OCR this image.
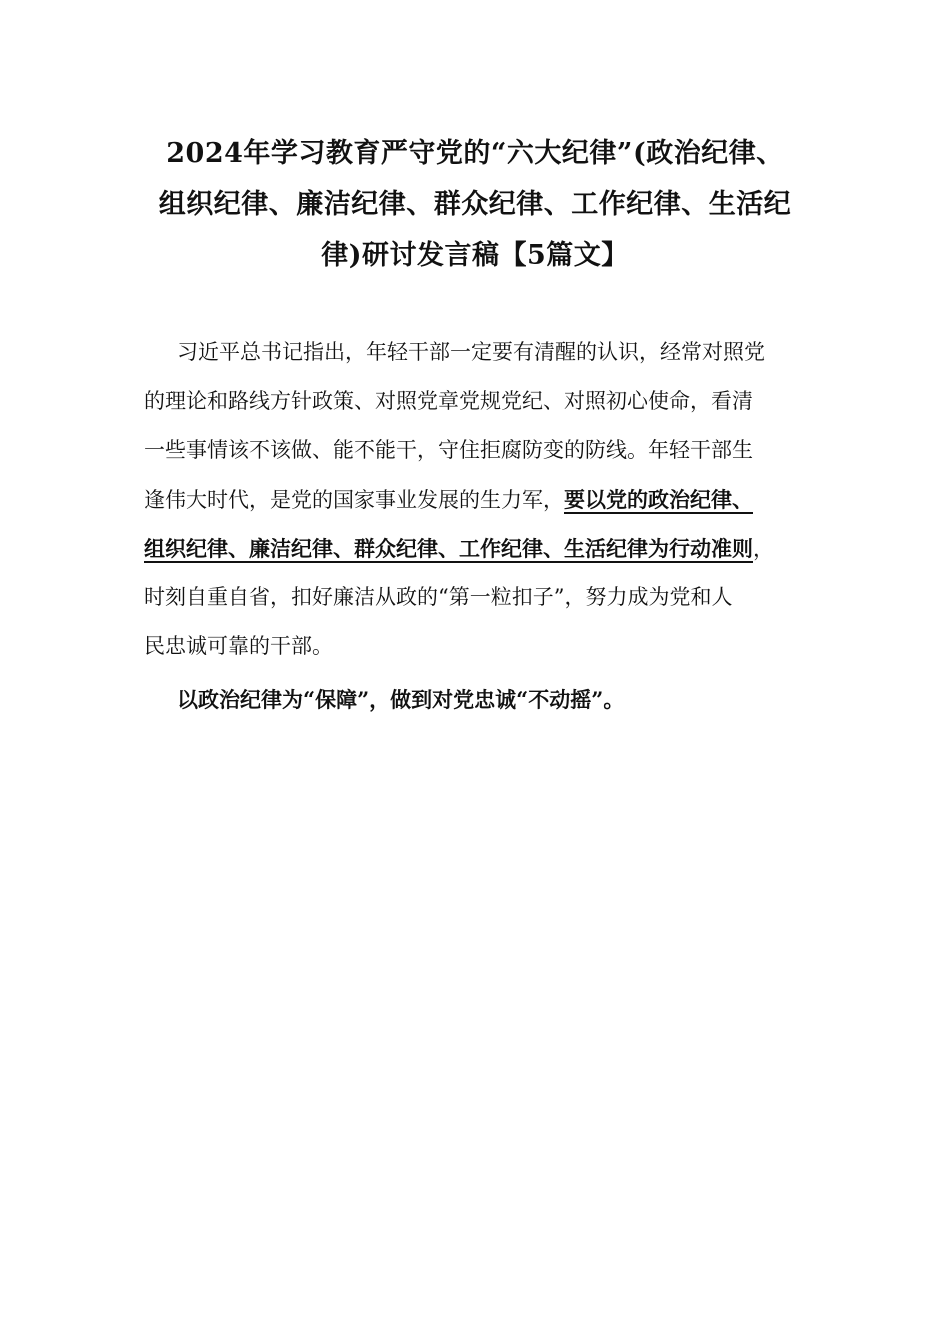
2024年学习教育严守党的“六大纪律”(政治纪律、
组织纪律、廉洁纪律、群众纪律、工作纪律、生活纪
律)研讨发言稿【5篇文】
习近平总书记指出，年轻干部一定要有清醒的认识，经常对照党
的理论和路线方针政策、对照党章党规党纪、对照初心使命，看清
一些事情该不该做、能不能干，守住拒腐防变的防线。年轻干部生
逢伟大时代，是党的国家事业发展的生力军，要以党的政治纪律、
组织纪律、廉洁纪律、群众纪律、工作纪律、生活纪律为行动准则，
时刻自重自省，扣好廉洁从政的“第一粒扣子”，努力成为党和人
民忠诚可靠的干部。
以政治纪律为“保障”，做到对党忠诚“不动摇”。
